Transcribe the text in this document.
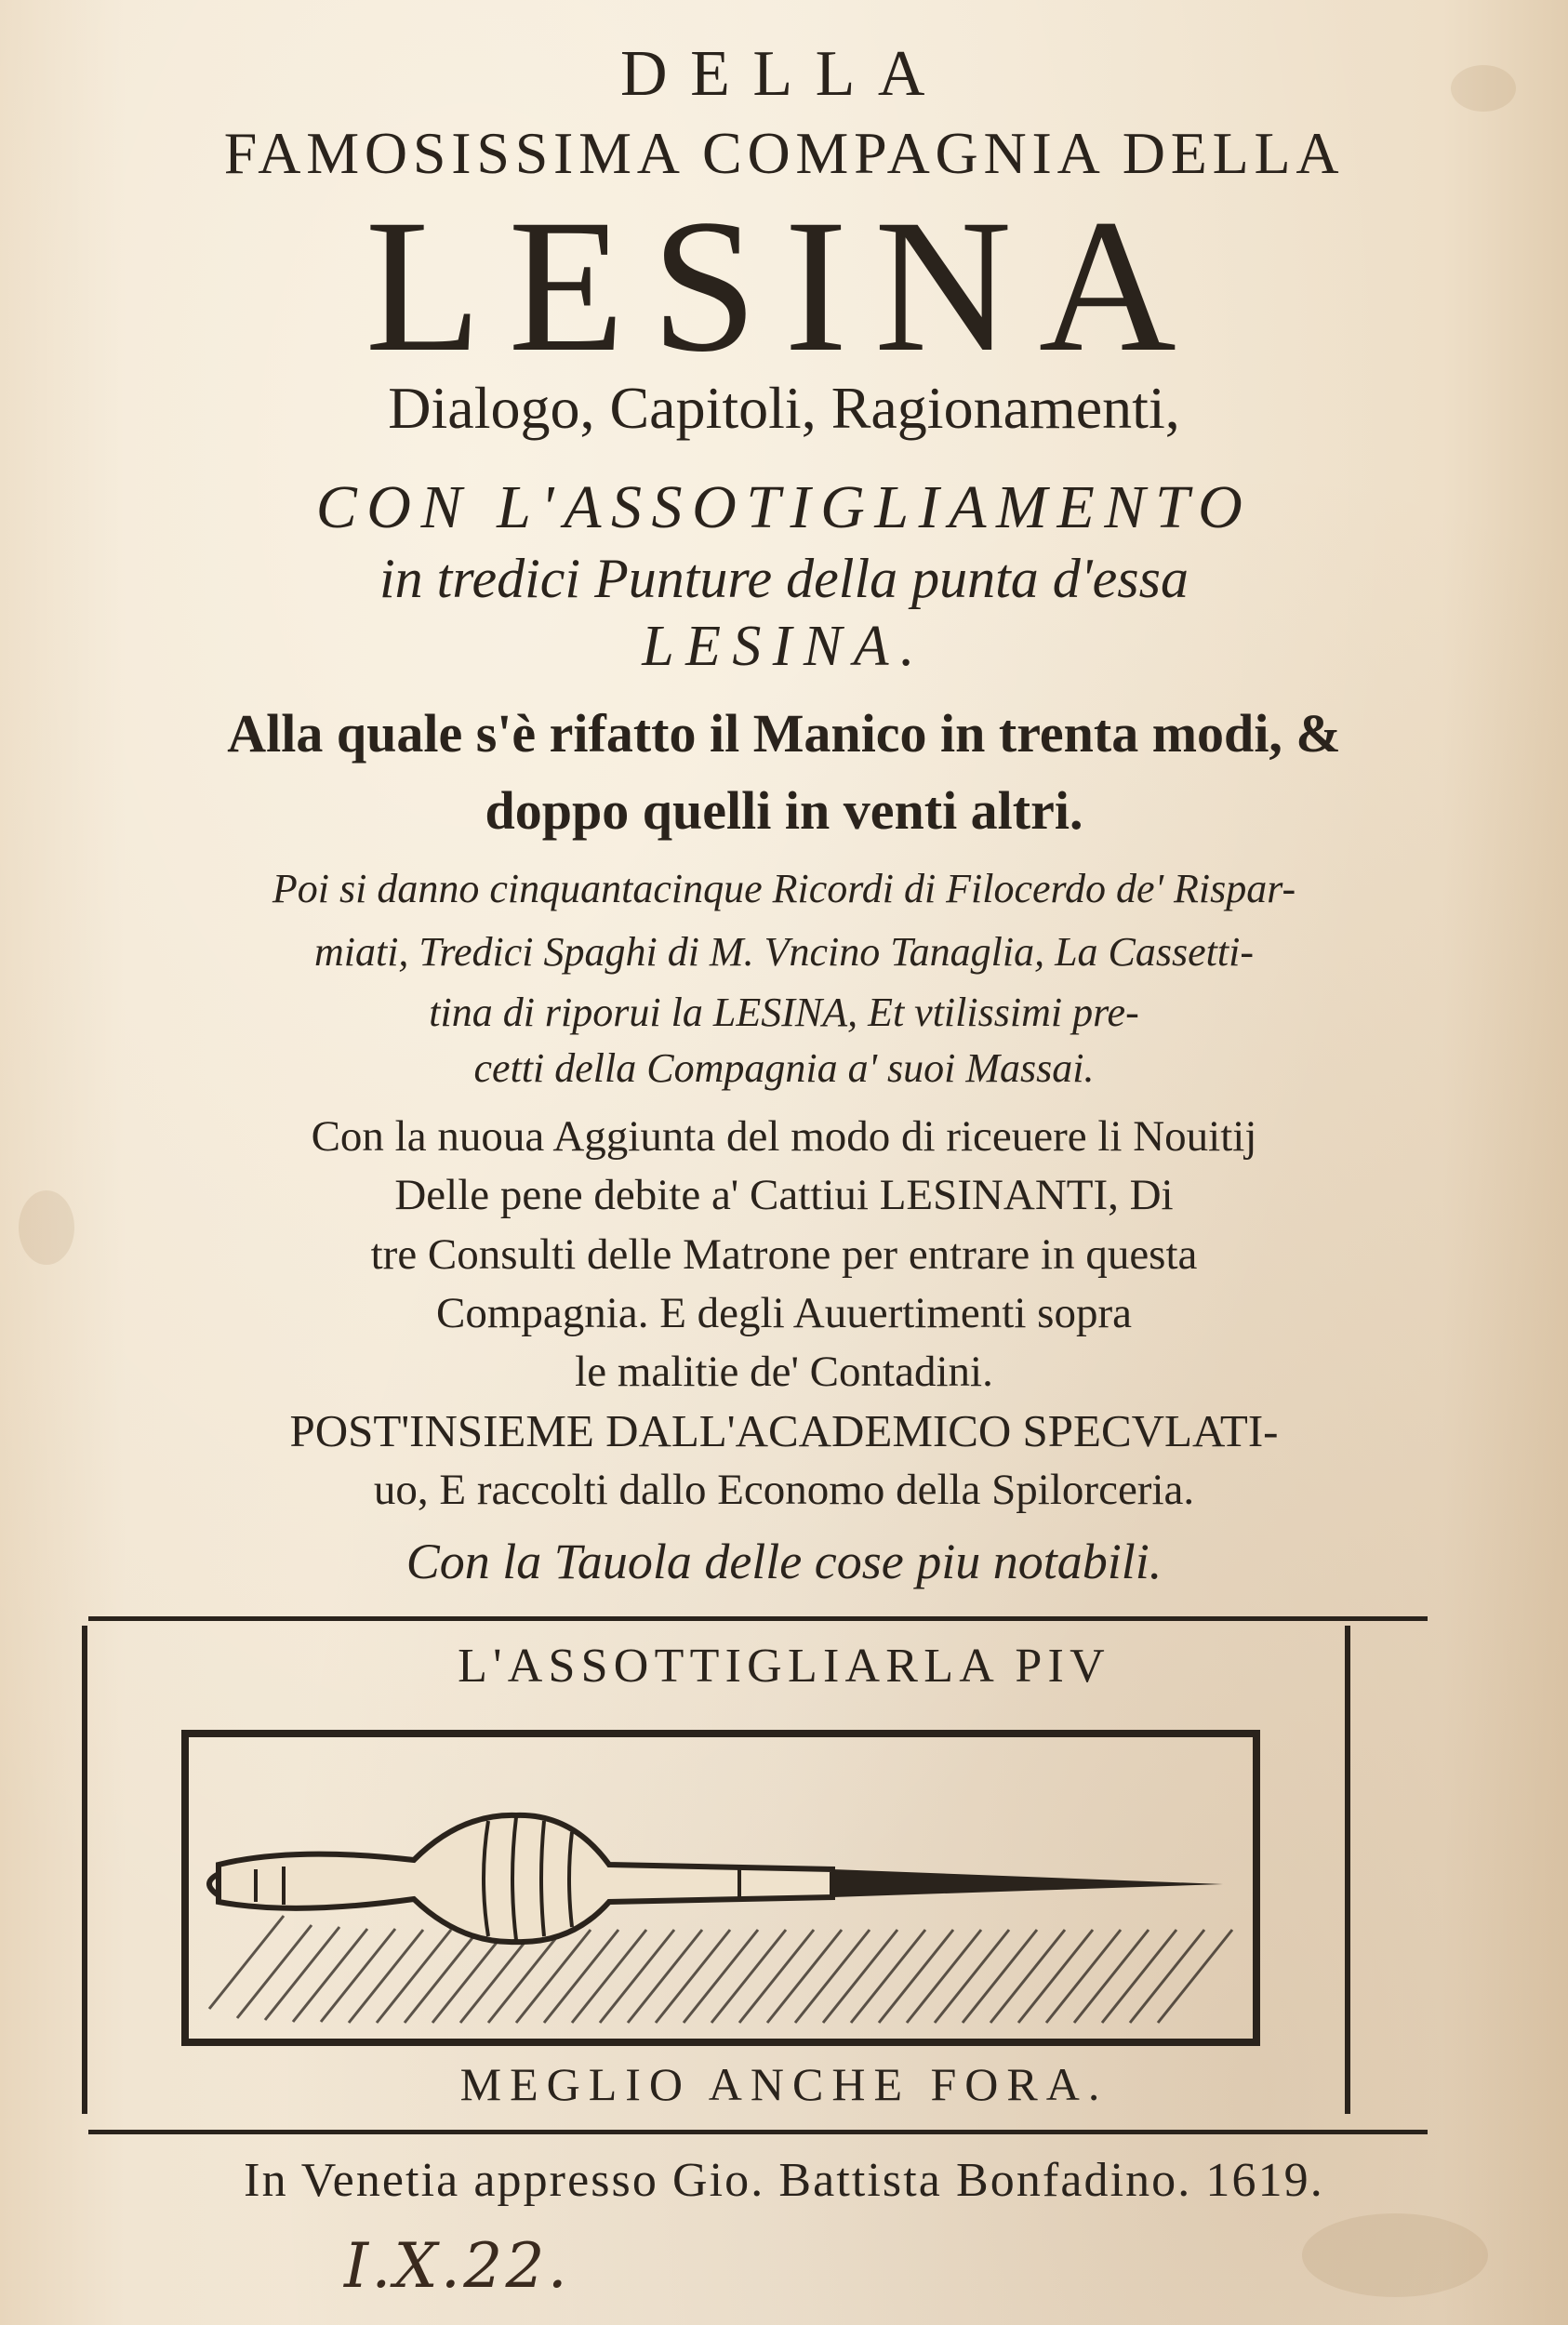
DELLA
FAMOSISSIMA COMPAGNIA DELLA
LESINA
Dialogo, Capitoli, Ragionamenti,
CON L'ASSOTIGLIAMENTO
in tredici Punture della punta d'essa
LESINA.
Alla quale s'è rifatto il Manico in trenta modi, &
doppo quelli in venti altri.
Poi si danno cinquantacinque Ricordi di Filocerdo de' Rispar-
miati, Tredici Spaghi di M. Vncino Tanaglia, La Cassetti-
tina di riporui la LESINA, Et vtilissimi pre-
cetti della Compagnia a' suoi Massai.
Con la nuoua Aggiunta del modo di riceuere li Nouitij
Delle pene debite a' Cattiui LESINANTI, Di
tre Consulti delle Matrone per entrare in questa
Compagnia. E degli Auuertimenti sopra
le malitie de' Contadini.
POST'INSIEME DALL'ACADEMICO SPECVLATI-
uo, E raccolti dallo Economo della Spilorceria.
Con la Tauola delle cose piu notabili.
L'ASSOTTIGLIARLA PIV
MEGLIO ANCHE FORA.
In Venetia appresso Gio. Battista Bonfadino. 1619.
I.X.22.
